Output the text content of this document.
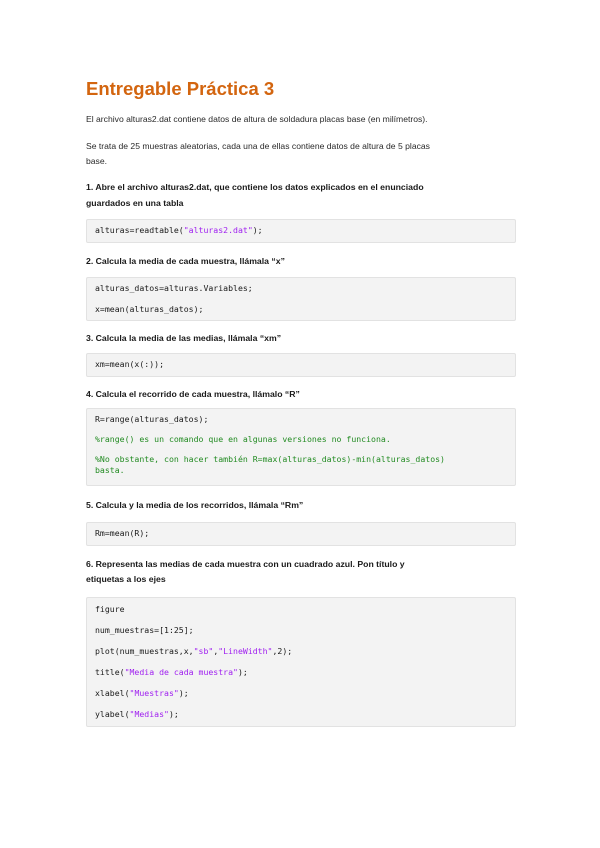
Entregable Práctica 3
El archivo alturas2.dat contiene datos de altura de soldadura placas base (en milímetros).
Se trata de 25 muestras aleatorias, cada una de ellas contiene datos de altura de 5 placas
base.
1. Abre el archivo alturas2.dat, que contiene los datos explicados en el enunciado
guardados en una tabla
alturas=readtable("alturas2.dat");
2. Calcula la media de cada muestra, llámala “x”
alturas_datos=alturas.Variables;
x=mean(alturas_datos);
3. Calcula la media de las medias, llámala “xm”
xm=mean(x(:));
4. Calcula el recorrido de cada muestra, llámalo “R”
R=range(alturas_datos);
%range() es un comando que en algunas versiones no funciona.
%No obstante, con hacer también R=max(alturas_datos)-min(alturas_datos)
basta.
5. Calcula y la media de los recorridos, llámala “Rm”
Rm=mean(R);
6. Representa las medias de cada muestra con un cuadrado azul. Pon título y
etiquetas a los ejes
figure
num_muestras=[1:25];
plot(num_muestras,x,"sb","LineWidth",2);
title("Media de cada muestra");
xlabel("Muestras");
ylabel("Medias");
